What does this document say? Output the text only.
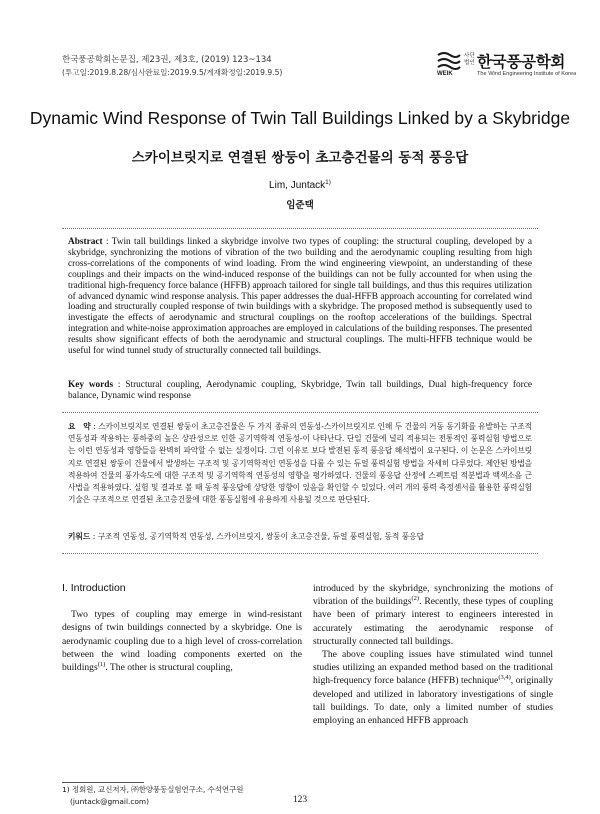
한국풍공학회논문집, 제23권, 제3호, (2019) 123~134
(투고일:2019.8.28/심사완료일:2019.9.5/게재확정일:2019.9.5)	WEIK
사단법인 한국풍공학회
The Wind Engineering Institute of Korea
Dynamic Wind Response of Twin Tall Buildings Linked by a Skybridge
스카이브릿지로 연결된 쌍둥이 초고층건물의 동적 풍응답
Lim, Juntack$^{1)}$
임준택
Abstract : Twin tall buildings linked a skybridge involve two types of coupling: the structural coupling, developed by a skybridge, synchronizing the motions of vibration of the two building and the aerodynamic coupling resulting from high cross-correlations of the components of wind loading. From the wind engineering viewpoint, an understanding of these couplings and their impacts on the wind-induced response of the buildings can not be fully accounted for when using the traditional high-frequency force balance (HFFB) approach tailored for single tall buildings, and thus this requires utilization of advanced dynamic wind response analysis. This paper addresses the dual-HFFB approach accounting for correlated wind loading and structurally coupled response of twin buildings with a skybridge. The proposed method is subsequently used to investigate the effects of aerodynamic and structural couplings on the rooftop accelerations of the buildings. Spectral integration and white-noise approximation approaches are employed in calculations of the building responses. The presented results show significant effects of both the aerodynamic and structural couplings. The multi-HFFB technique would be useful for wind tunnel study of structurally connected tall buildings.
Key words : Structural coupling, Aerodynamic coupling, Skybridge, Twin tall buildings, Dual high-frequency force balance, Dynamic wind response
요　약 : 스카이브릿지로 연결된 쌍둥이 초고층건물은 두 가지 종류의 연동성-스카이브릿지로 인해 두 건물의 거동 동기화를 유발하는 구조적 연동성과 작용하는 풍하중의 높은 상관성으로 인한 공기역학적 연동성-이 나타난다. 단일 건물에 널리 적용되는 전통적인 풍력실험 방법으로는 이런 연동성과 영향들을 완벽히 파악할 수 없는 실정이다. 그런 이유로 보다 발전된 동적 풍응답 해석법이 요구된다. 이 논문은 스카이브릿지로 연결된 쌍둥이 건물에서 발생하는 구조적 및 공기역학적인 연동성을 다룰 수 있는 듀얼 풍력실험 방법을 자세히 다루었다. 제안된 방법을 적용하여 건물의 풍가속도에 대한 구조적 및 공기역학적 연동성의 영향을 평가하였다. 건물의 풍응답 산정에 스펙트럼 적분법과 백색소음 근사법을 적용하였다. 실험 및 결과로 볼 때 동적 풍응답에 상당한 영향이 있음을 확인할 수 있었다. 여러 개의 풍력 측정센서를 활용한 풍력실험 기술은 구조적으로 연결된 초고층건물에 대한 풍동실험에 유용하게 사용될 것으로 판단된다.
키워드 : 구조적 연동성, 공기역학적 연동성, 스카이브릿지, 쌍둥이 초고층건물, 듀얼 풍력실험, 동적 풍응답
I. Introduction

Two types of coupling may emerge in wind-resistant designs of twin buildings connected by a skybridge. One is aerodynamic coupling due to a high level of cross-correlation between the wind loading components exerted on the buildings$^{(1)}$. The other is structural coupling,

introduced by the skybridge, synchronizing the motions of vibration of the buildings$^{(2)}$. Recently, these types of coupling have been of primary interest to engineers interested in accurately estimating the aerodynamic response of structurally connected tall buildings.

The above coupling issues have stimulated wind tunnel studies utilizing an expanded method based on the traditional high-frequency force balance (HFFB) technique$^{(3,4)}$, originally developed and utilized in laboratory investigations of single tall buildings. To date, only a limited number of studies employing an enhanced HFFB approach

1) 정회원, 교신저자, ㈜한양풍동실험연구소, 수석연구원
(juntack@gmail.com)	123
